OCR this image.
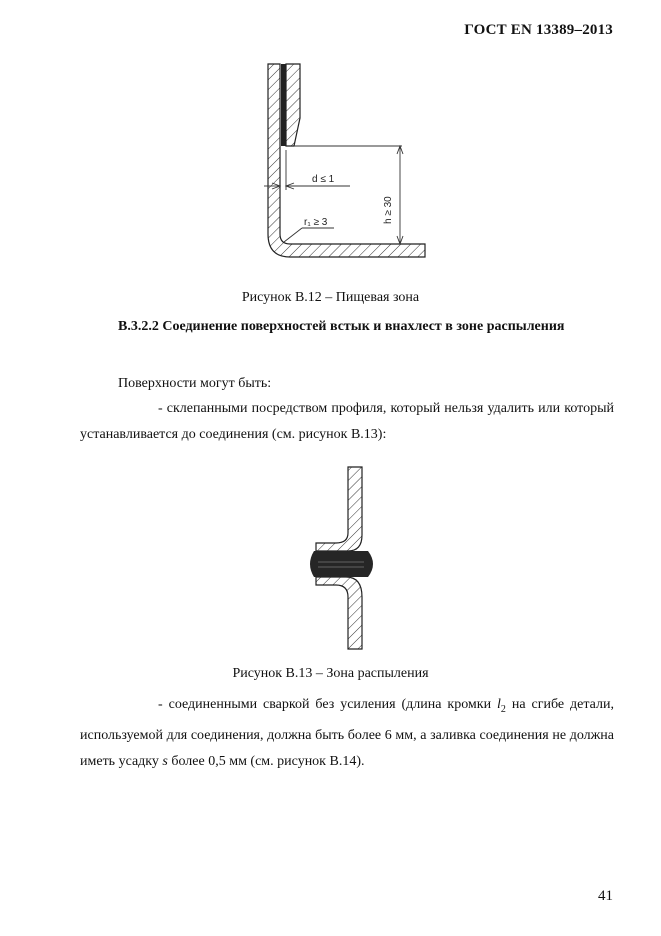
ГОСТ EN 13389–2013
d ≤ 1
h ≥ 30
r₁ ≥ 3
Рисунок В.12 – Пищевая зона
В.3.2.2 Соединение поверхностей встык и внахлест в зоне распыления
Поверхности могут быть:
- склепанными посредством профиля, который нельзя удалить или который устанавливается до соединения (см. рисунок В.13):
Рисунок В.13 – Зона распыления
- соединенными сваркой без усиления (длина кромки $l_2$ на сгибе детали, используемой для соединения, должна быть более 6 мм, а заливка соединения не должна иметь усадку s более 0,5 мм (см. рисунок В.14).
41
